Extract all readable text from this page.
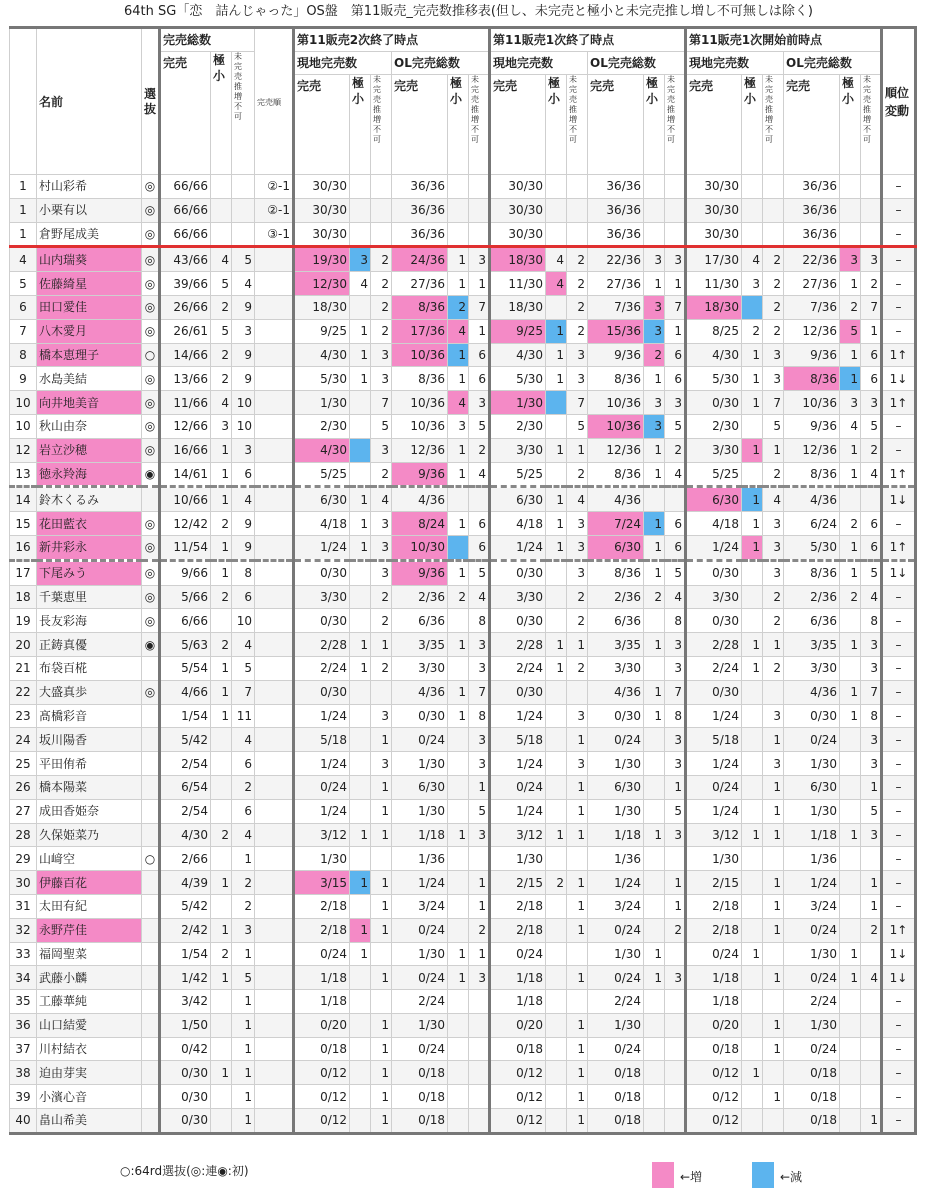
64th SG「恋　詰んじゃった」OS盤　第11販売_完売数推移表(但し、未完売と極小と未完売推し増し不可無しは除く)
	名前	選抜	完売総数			完売順	第11販売2次終了時点						第11販売1次終了時点						第11販売1次開始前時点						順位変動
			完売	極小	未完売推増不可		現地完売数			OL完売総数			現地完売数			OL完売総数			現地完売数			OL完売総数			
							完売	極小	未完売推増不可	完売	極小	未完売推増不可	完売	極小	未完売推増不可	完売	極小	未完売推増不可	完売	極小	未完売推増不可	完売	極小	未完売推増不可	
1	村山彩希	◎	66/66			②-1	30/30			36/36			30/30			36/36			30/30			36/36			–
1	小栗有以	◎	66/66			②-1	30/30			36/36			30/30			36/36			30/30			36/36			–
1	倉野尾成美	◎	66/66			③-1	30/30			36/36			30/30			36/36			30/30			36/36			–
4	山内瑞葵	◎	43/66	4	5		19/30	3	2	24/36	1	3	18/30	4	2	22/36	3	3	17/30	4	2	22/36	3	3	–
5	佐藤綺星	◎	39/66	5	4		12/30	4	2	27/36	1	1	11/30	4	2	27/36	1	1	11/30	3	2	27/36	1	2	–
6	田口愛佳	◎	26/66	2	9		18/30		2	8/36	2	7	18/30		2	7/36	3	7	18/30		2	7/36	2	7	–
7	八木愛月	◎	26/61	5	3		9/25	1	2	17/36	4	1	9/25	1	2	15/36	3	1	8/25	2	2	12/36	5	1	–
8	橋本恵理子	○	14/66	2	9		4/30	1	3	10/36	1	6	4/30	1	3	9/36	2	6	4/30	1	3	9/36	1	6	1↑
9	水島美結	◎	13/66	2	9		5/30	1	3	8/36	1	6	5/30	1	3	8/36	1	6	5/30	1	3	8/36	1	6	1↓
10	向井地美音	◎	11/66	4	10		1/30		7	10/36	4	3	1/30		7	10/36	3	3	0/30	1	7	10/36	3	3	1↑
10	秋山由奈	◎	12/66	3	10		2/30		5	10/36	3	5	2/30		5	10/36	3	5	2/30		5	9/36	4	5	–
12	岩立沙穂	◎	16/66	1	3		4/30		3	12/36	1	2	3/30	1	1	12/36	1	2	3/30	1	1	12/36	1	2	–
13	徳永羚海	◉	14/61	1	6		5/25		2	9/36	1	4	5/25		2	8/36	1	4	5/25		2	8/36	1	4	1↑
14	鈴木くるみ		10/66	1	4		6/30	1	4	4/36			6/30	1	4	4/36			6/30	1	4	4/36			1↓
15	花田藍衣	◎	12/42	2	9		4/18	1	3	8/24	1	6	4/18	1	3	7/24	1	6	4/18	1	3	6/24	2	6	–
16	新井彩永	◎	11/54	1	9		1/24	1	3	10/30		6	1/24	1	3	6/30	1	6	1/24	1	3	5/30	1	6	1↑
17	下尾みう	◎	9/66	1	8		0/30		3	9/36	1	5	0/30		3	8/36	1	5	0/30		3	8/36	1	5	1↓
18	千葉恵里	◎	5/66	2	6		3/30		2	2/36	2	4	3/30		2	2/36	2	4	3/30		2	2/36	2	4	–
19	長友彩海	◎	6/66		10		0/30		2	6/36		8	0/30		2	6/36		8	0/30		2	6/36		8	–
20	正鋳真優	◉	5/63	2	4		2/28	1	1	3/35	1	3	2/28	1	1	3/35	1	3	2/28	1	1	3/35	1	3	–
21	布袋百椛		5/54	1	5		2/24	1	2	3/30		3	2/24	1	2	3/30		3	2/24	1	2	3/30		3	–
22	大盛真歩	◎	4/66	1	7		0/30			4/36	1	7	0/30			4/36	1	7	0/30			4/36	1	7	–
23	髙橋彩音		1/54	1	11		1/24		3	0/30	1	8	1/24		3	0/30	1	8	1/24		3	0/30	1	8	–
24	坂川陽香		5/42		4		5/18		1	0/24		3	5/18		1	0/24		3	5/18		1	0/24		3	–
25	平田侑希		2/54		6		1/24		3	1/30		3	1/24		3	1/30		3	1/24		3	1/30		3	–
26	橋本陽菜		6/54		2		0/24		1	6/30		1	0/24		1	6/30		1	0/24		1	6/30		1	–
27	成田香姫奈		2/54		6		1/24		1	1/30		5	1/24		1	1/30		5	1/24		1	1/30		5	–
28	久保姫菜乃		4/30	2	4		3/12	1	1	1/18	1	3	3/12	1	1	1/18	1	3	3/12	1	1	1/18	1	3	–
29	山﨑空	○	2/66		1		1/30			1/36			1/30			1/36			1/30			1/36			–
30	伊藤百花		4/39	1	2		3/15	1	1	1/24		1	2/15	2	1	1/24		1	2/15		1	1/24		1	–
31	太田有紀		5/42		2		2/18		1	3/24		1	2/18		1	3/24		1	2/18		1	3/24		1	–
32	永野芹佳		2/42	1	3		2/18	1	1	0/24		2	2/18		1	0/24		2	2/18		1	0/24		2	1↑
33	福岡聖菜		1/54	2	1		0/24	1		1/30	1	1	0/24			1/30	1		0/24	1		1/30	1		1↓
34	武藤小麟		1/42	1	5		1/18		1	0/24	1	3	1/18		1	0/24	1	3	1/18		1	0/24	1	4	1↓
35	工藤華純		3/42		1		1/18			2/24			1/18			2/24			1/18			2/24			–
36	山口結愛		1/50		1		0/20		1	1/30			0/20		1	1/30			0/20		1	1/30			–
37	川村結衣		0/42		1		0/18		1	0/24			0/18		1	0/24			0/18		1	0/24			–
38	迫由芽実		0/30	1	1		0/12		1	0/18			0/12		1	0/18			0/12	1		0/18			–
39	小濱心音		0/30		1		0/12		1	0/18			0/12		1	0/18			0/12		1	0/18			–
40	畠山希美		0/30		1		0/12		1	0/18			0/12		1	0/18			0/12			0/18		1	–
○:64rd選抜(◎:連◉:初)	←増	←減
